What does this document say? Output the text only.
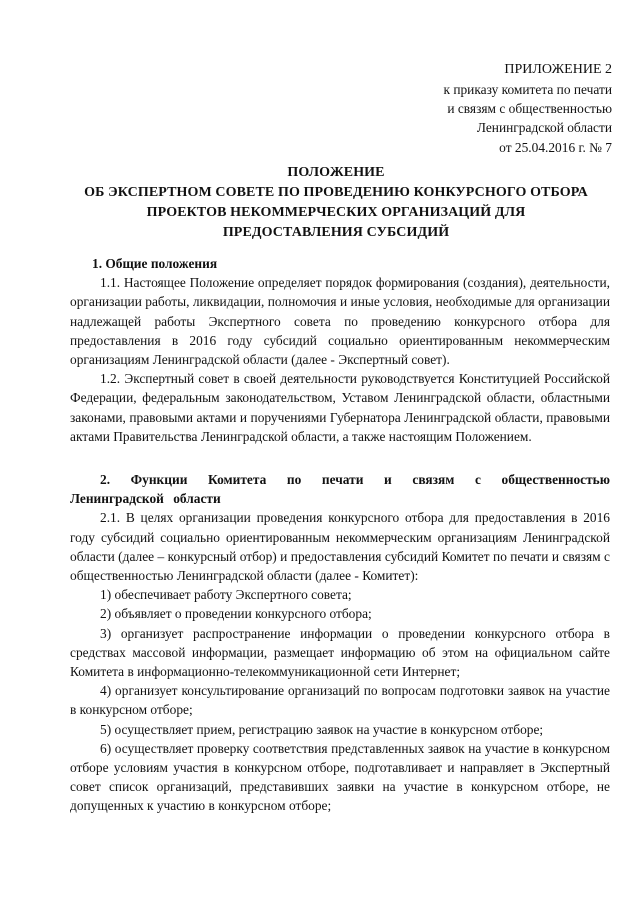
ПРИЛОЖЕНИЕ 2
к приказу комитета по печати
и связям с общественностью
Ленинградской области
от 25.04.2016 г. № 7
ПОЛОЖЕНИЕ
ОБ ЭКСПЕРТНОМ СОВЕТЕ ПО ПРОВЕДЕНИЮ КОНКУРСНОГО ОТБОРА
ПРОЕКТОВ НЕКОММЕРЧЕСКИХ ОРГАНИЗАЦИЙ ДЛЯ
ПРЕДОСТАВЛЕНИЯ СУБСИДИЙ
1. Общие положения

1.1. Настоящее Положение определяет порядок формирования (создания), деятельности, организации работы, ликвидации, полномочия и иные условия, необходимые для организации надлежащей работы Экспертного совета по проведению конкурсного отбора для предоставления в 2016 году субсидий социально ориентированным некоммерческим организациям Ленинградской области (далее - Экспертный совет).

1.2. Экспертный совет в своей деятельности руководствуется Конституцией Российской Федерации, федеральным законодательством, Уставом Ленинградской области, областными законами, правовыми актами и поручениями Губернатора Ленинградской области, правовыми актами Правительства Ленинградской области, а также настоящим Положением.

2. Функции Комитета по печати и связям с общественностью Ленинградской области

2.1. В целях организации проведения конкурсного отбора для предоставления в 2016 году субсидий социально ориентированным некоммерческим организациям Ленинградской области (далее – конкурсный отбор) и предоставления субсидий Комитет по печати и связям с общественностью Ленинградской области (далее - Комитет):

1) обеспечивает работу Экспертного совета;

2) объявляет о проведении конкурсного отбора;

3) организует распространение информации о проведении конкурсного отбора в средствах массовой информации, размещает информацию об этом на официальном сайте Комитета в информационно-телекоммуникационной сети Интернет;

4) организует консультирование организаций по вопросам подготовки заявок на участие в конкурсном отборе;

5) осуществляет прием, регистрацию заявок на участие в конкурсном отборе;

6) осуществляет проверку соответствия представленных заявок на участие в конкурсном отборе условиям участия в конкурсном отборе, подготавливает и направляет в Экспертный совет список организаций, представивших заявки на участие в конкурсном отборе, не допущенных к участию в конкурсном отборе;
